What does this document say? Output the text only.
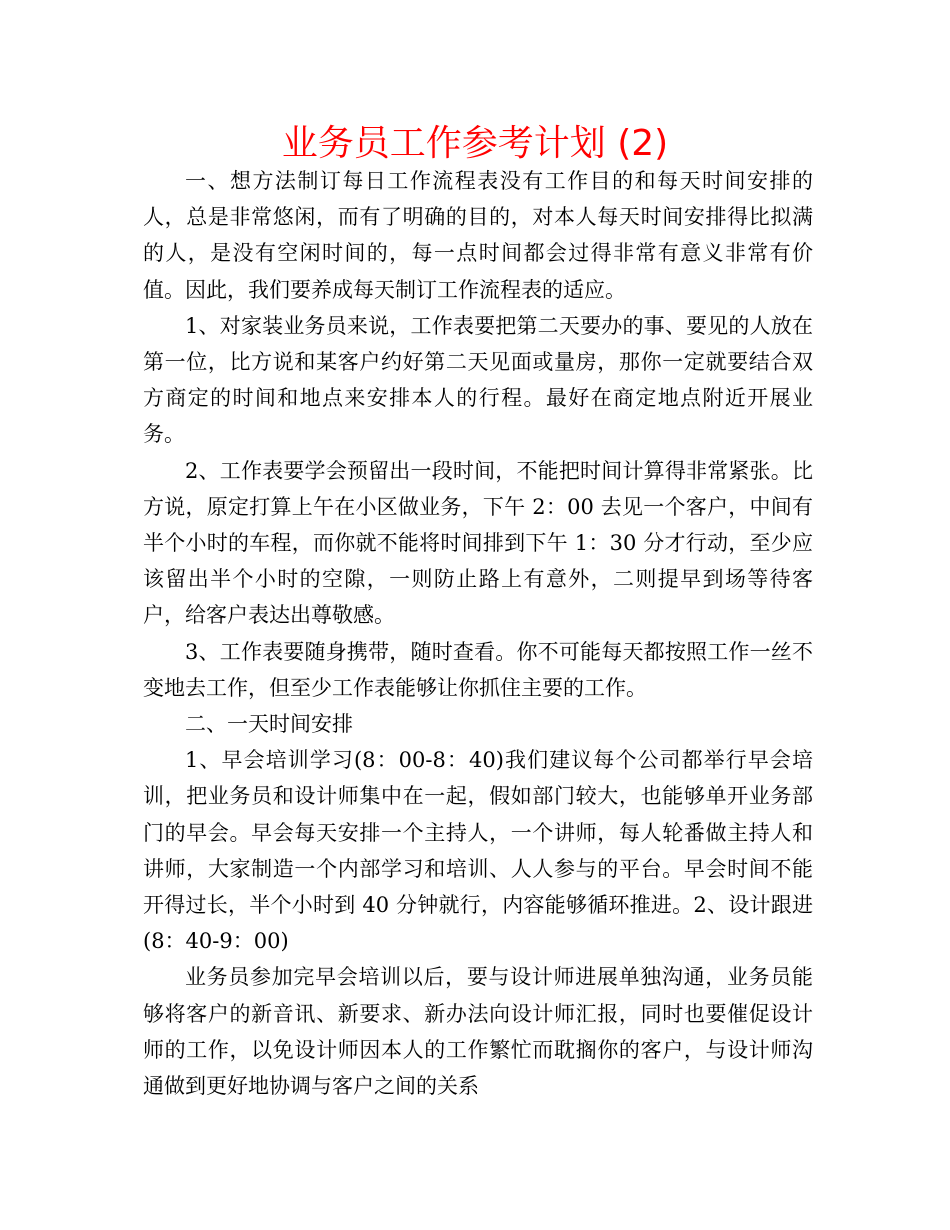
业务员工作参考计划 (2)

一、想方法制订每日工作流程表没有工作目的和每天时间安排的人，总是非常悠闲，而有了明确的目的，对本人每天时间安排得比拟满的人，是没有空闲时间的，每一点时间都会过得非常有意义非常有价值。因此，我们要养成每天制订工作流程表的适应。

1、对家装业务员来说，工作表要把第二天要办的事、要见的人放在第一位，比方说和某客户约好第二天见面或量房，那你一定就要结合双方商定的时间和地点来安排本人的行程。最好在商定地点附近开展业务。

2、工作表要学会预留出一段时间，不能把时间计算得非常紧张。比方说，原定打算上午在小区做业务，下午 2：00 去见一个客户，中间有半个小时的车程，而你就不能将时间排到下午 1：30 分才行动，至少应该留出半个小时的空隙，一则防止路上有意外，二则提早到场等待客户，给客户表达出尊敬感。

3、工作表要随身携带，随时查看。你不可能每天都按照工作一丝不变地去工作，但至少工作表能够让你抓住主要的工作。

二、一天时间安排

1、早会培训学习(8：00-8：40)我们建议每个公司都举行早会培训，把业务员和设计师集中在一起，假如部门较大，也能够单开业务部门的早会。早会每天安排一个主持人，一个讲师，每人轮番做主持人和讲师，大家制造一个内部学习和培训、人人参与的平台。早会时间不能开得过长，半个小时到 40 分钟就行，内容能够循环推进。2、设计跟进(8：40-9：00)

业务员参加完早会培训以后，要与设计师进展单独沟通，业务员能够将客户的新音讯、新要求、新办法向设计师汇报，同时也要催促设计师的工作，以免设计师因本人的工作繁忙而耽搁你的客户，与设计师沟通做到更好地协调与客户之间的关系
